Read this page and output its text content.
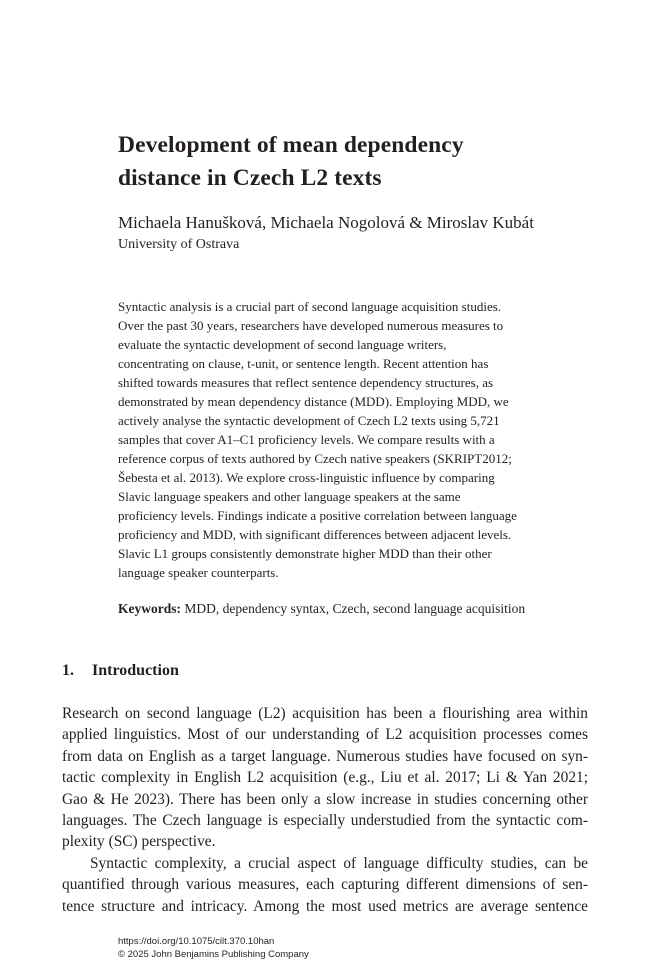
Development of mean dependency
distance in Czech L2 texts
Michaela Hanušková, Michaela Nogolová & Miroslav Kubát
University of Ostrava
Syntactic analysis is a crucial part of second language acquisition studies.
Over the past 30 years, researchers have developed numerous measures to
evaluate the syntactic development of second language writers,
concentrating on clause, t-unit, or sentence length. Recent attention has
shifted towards measures that reflect sentence dependency structures, as
demonstrated by mean dependency distance (MDD). Employing MDD, we
actively analyse the syntactic development of Czech L2 texts using 5,721
samples that cover A1–C1 proficiency levels. We compare results with a
reference corpus of texts authored by Czech native speakers (SKRIPT2012;
Šebesta et al. 2013). We explore cross-linguistic influence by comparing
Slavic language speakers and other language speakers at the same
proficiency levels. Findings indicate a positive correlation between language
proficiency and MDD, with significant differences between adjacent levels.
Slavic L1 groups consistently demonstrate higher MDD than their other
language speaker counterparts.
Keywords: MDD, dependency syntax, Czech, second language acquisition
1. Introduction
Research on second language (L2) acquisition has been a flourishing area within
applied linguistics. Most of our understanding of L2 acquisition processes comes
from data on English as a target language. Numerous studies have focused on syn-
tactic complexity in English L2 acquisition (e.g., Liu et al. 2017; Li & Yan 2021;
Gao & He 2023). There has been only a slow increase in studies concerning other
languages. The Czech language is especially understudied from the syntactic com-
plexity (SC) perspective.
Syntactic complexity, a crucial aspect of language difficulty studies, can be
quantified through various measures, each capturing different dimensions of sen-
tence structure and intricacy. Among the most used metrics are average sentence
https://doi.org/10.1075/cilt.370.10han
© 2025 John Benjamins Publishing Company
